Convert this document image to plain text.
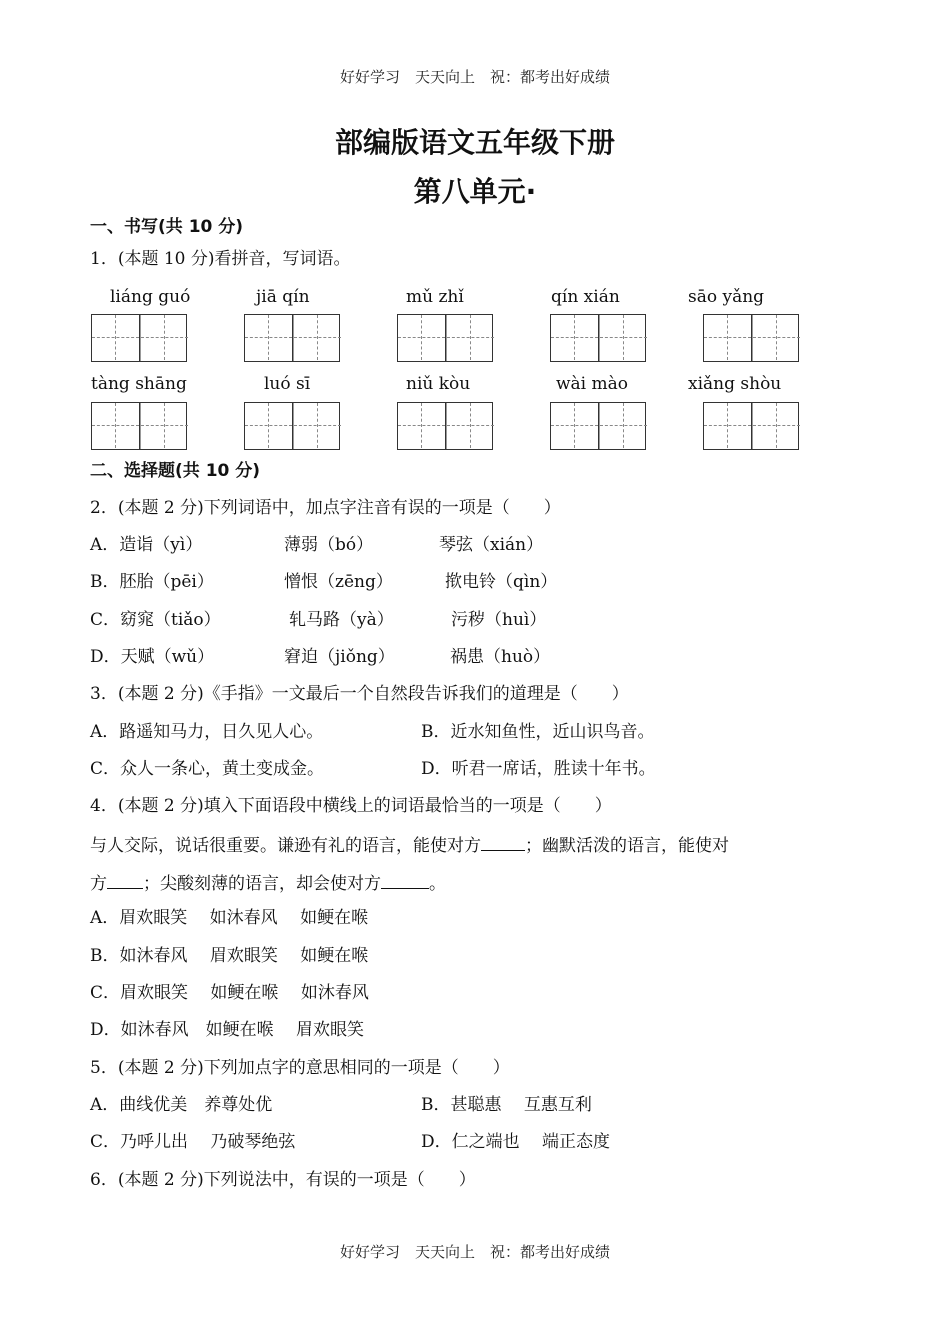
好好学习　天天向上　祝：都考出好成绩
部编版语文五年级下册
第八单元·
一、书写(共 10 分)
1．(本题 10 分)看拼音，写词语。
liáng guó	jiā qín	mǔ zhǐ	qín xián	sāo yǎng
tàng shāng	luó sī	niǔ kòu	wài mào	xiǎng shòu
二、选择题(共 10 分)
2．(本题 2 分)下列词语中，加点字注音有误的一项是（　　）
A．造诣（yì）	薄弱（bó）	琴弦（xián）
B．胚胎（pēi）	憎恨（zēng）	揿电铃（qìn）
C．窈窕（tiǎo）	轧马路（yà）	污秽（huì）
D．天赋（wǔ）	窘迫（jiǒng）	祸患（huò）
3．(本题 2 分)《手指》一文最后一个自然段告诉我们的道理是（　　）
A．路遥知马力，日久见人心。	B．近水知鱼性，近山识鸟音。
C．众人一条心，黄土变成金。	D．听君一席话，胜读十年书。
4．(本题 2 分)填入下面语段中横线上的词语最恰当的一项是（　　）
与人交际，说话很重要。谦逊有礼的语言，能使对方	；幽默活泼的语言，能使对
方 ；尖酸刻薄的语言，却会使对方	。
A．眉欢眼笑　 如沐春风　 如鲠在喉
B．如沐春风　 眉欢眼笑　 如鲠在喉
C．眉欢眼笑　 如鲠在喉　 如沐春风
D．如沐春风　如鲠在喉　 眉欢眼笑
5．(本题 2 分)下列加点字的意思相同的一项是（　　）
A．曲线优美　养尊处优	B．甚聪惠　 互惠互利
C．乃呼儿出　 乃破琴绝弦	D．仁之端也　 端正态度
6．(本题 2 分)下列说法中，有误的一项是（　　）
好好学习　天天向上　祝：都考出好成绩
